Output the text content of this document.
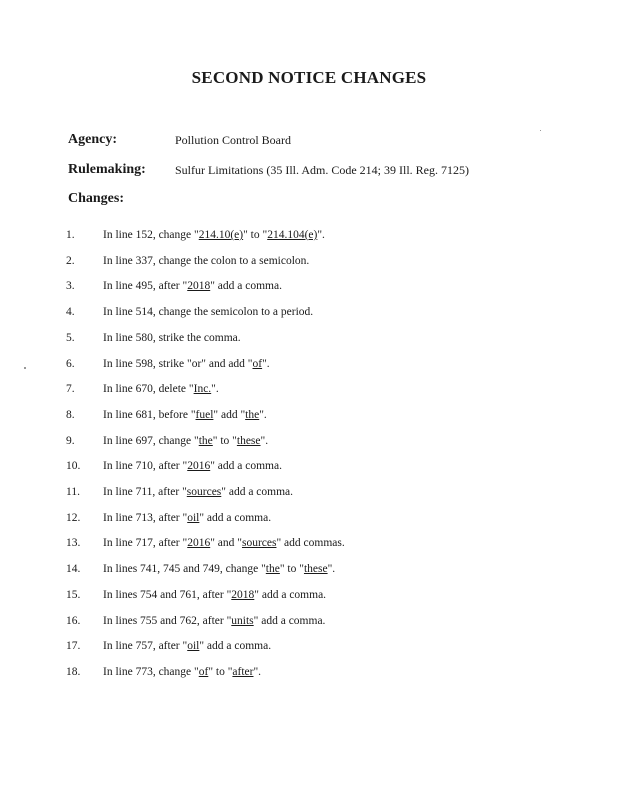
SECOND NOTICE CHANGES
Agency:	Pollution Control Board
Rulemaking: Sulfur Limitations (35 Ill. Adm. Code 214; 39 Ill. Reg. 7125)
Changes:
1. In line 152, change "214.10(e)" to "214.104(e)".
2. In line 337, change the colon to a semicolon.
3. In line 495, after "2018" add a comma.
4. In line 514, change the semicolon to a period.
5. In line 580, strike the comma.
6. In line 598, strike "or" and add "of".
7. In line 670, delete "Inc.".
8. In line 681, before "fuel" add "the".
9. In line 697, change "the" to "these".
10. In line 710, after "2016" add a comma.
11. In line 711, after "sources" add a comma.
12. In line 713, after "oil" add a comma.
13. In line 717, after "2016" and "sources" add commas.
14. In lines 741, 745 and 749, change "the" to "these".
15. In lines 754 and 761, after "2018" add a comma.
16. In lines 755 and 762, after "units" add a comma.
17. In line 757, after "oil" add a comma.
18. In line 773, change "of" to "after".
